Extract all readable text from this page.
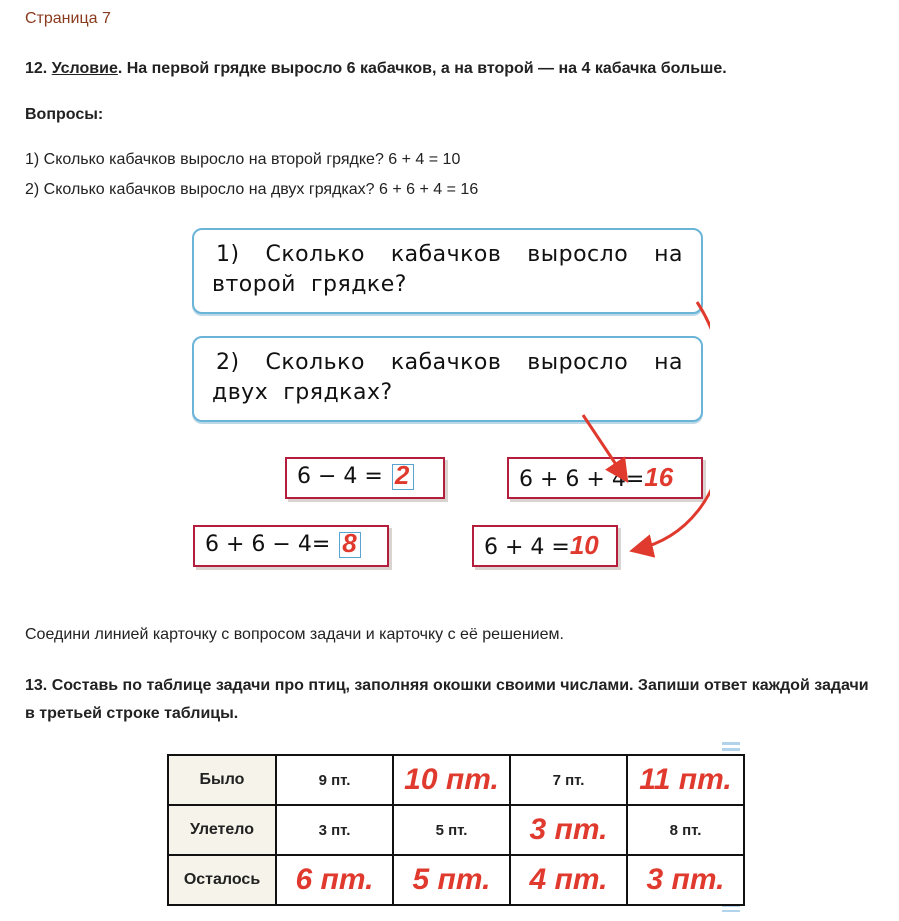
Страница 7
12. Условие. На первой грядке выросло 6 кабачков, а на второй — на 4 кабачка больше.
Вопросы:
1) Сколько кабачков выросло на второй грядке? 6 + 4 = 10
2) Сколько кабачков выросло на двух грядках? 6 + 6 + 4 = 16
1) Сколько кабачков выросло на
второй  грядке?
2) Сколько кабачков выросло на
двух  грядках?
6 − 4 = 2	6 + 6 + 4=16
6 + 6 − 4= 8	6 + 4 =10
Соедини линией карточку с вопросом задачи и карточку с её решением.
13. Составь по таблице задачи про птиц, заполняя окошки своими числами. Запиши ответ каждой задачи в третьей строке таблицы.
Было	9 пт.	10 пт.	7 пт.	11 пт.
Улетело	3 пт.	5 пт.	3 пт.	8 пт.
Осталось	6 пт.	5 пт.	4 пт.	3 пт.
